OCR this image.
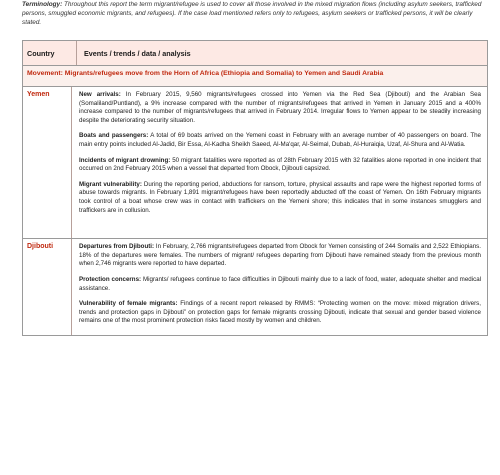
Terminology: Throughout this report the term migrant/refugee is used to cover all those involved in the mixed migration flows (including asylum seekers, trafficked persons, smuggled economic migrants, and refugees). If the case load mentioned refers only to refugees, asylum seekers or trafficked persons, it will be clearly stated.
Country	Events / trends / data / analysis
Movement: Migrants/refugees move from the Horn of Africa (Ethiopia and Somalia) to Yemen and Saudi Arabia
Yemen	New arrivals: In February 2015, 9,560 migrants/refugees crossed into Yemen via the Red Sea (Djibouti) and the Arabian Sea (Somaliland/Puntland), a 9% increase compared with the number of migrants/refugees that arrived in Yemen in January 2015 and a 400% increase compared to the number of migrants/refugees that arrived in February 2014. Irregular flows to Yemen appear to be steadily increasing despite the deteriorating security situation.

Boats and passengers: A total of 69 boats arrived on the Yemeni coast in February with an average number of 40 passengers on board. The main entry points included Al-Jadid, Bir Essa, Al-Kadha Sheikh Saeed, Al-Ma'qar, Al-Seimal, Dubab, Al-Huraiqia, Uzaf, Al-Shura and Al-Watia.

Incidents of migrant drowning: 50 migrant fatalities were reported as of 28th February 2015 with 32 fatalities alone reported in one incident that occurred on 2nd February 2015 when a vessel that departed from Obock, Djibouti capsized.

Migrant vulnerability: During the reporting period, abductions for ransom, torture, physical assaults and rape were the highest reported forms of abuse towards migrants. In February 1,891 migrant/refugees have been reportedly abducted off the coast of Yemen. On 16th February migrants took control of a boat whose crew was in contact with traffickers on the Yemeni shore; this indicates that in some instances smugglers and traffickers are in collusion.

Djibouti	Departures from Djibouti: In February, 2,766 migrants/refugees departed from Obock for Yemen consisting of 244 Somalis and 2,522 Ethiopians. 18% of the departures were females. The numbers of migrant/ refugees departing from Djibouti have remained steady from the previous month when 2,746 migrants were reported to have departed.

Protection concerns: Migrants/ refugees continue to face difficulties in Djibouti mainly due to a lack of food, water, adequate shelter and medical assistance.

Vulnerability of female migrants: Findings of a recent report released by RMMS: “Protecting women on the move: mixed migration drivers, trends and protection gaps in Djibouti” on protection gaps for female migrants crossing Djibouti, indicate that sexual and gender based violence remains one of the most prominent protection risks faced mostly by women and children.
